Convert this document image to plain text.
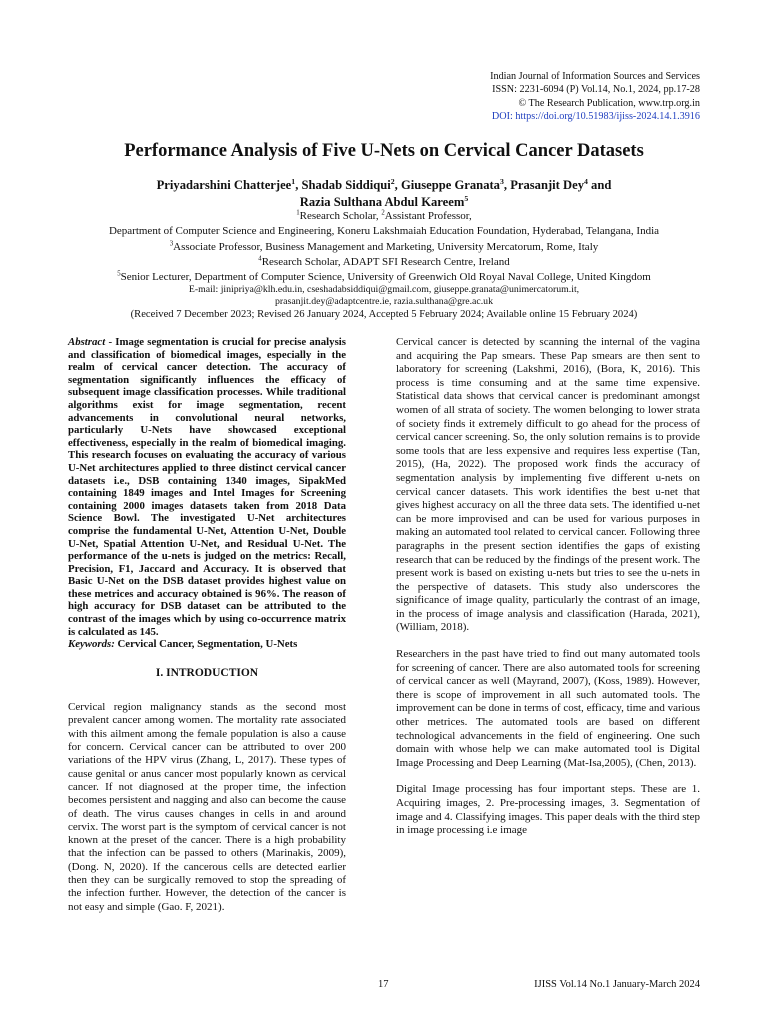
Indian Journal of Information Sources and Services
ISSN: 2231-6094 (P) Vol.14, No.1, 2024, pp.17-28
© The Research Publication, www.trp.org.in
DOI: https://doi.org/10.51983/ijiss-2024.14.1.3916
Performance Analysis of Five U-Nets on Cervical Cancer Datasets
Priyadarshini Chatterjee$^1$, Shadab Siddiqui$^2$, Giuseppe Granata$^3$, Prasanjit Dey$^4$ and
Razia Sulthana Abdul Kareem$^5$
$^1$Research Scholar, $^2$Assistant Professor,
Department of Computer Science and Engineering, Koneru Lakshmaiah Education Foundation, Hyderabad, Telangana, India
$^3$Associate Professor, Business Management and Marketing, University Mercatorum, Rome, Italy
$^4$Research Scholar, ADAPT SFI Research Centre, Ireland
$^5$Senior Lecturer, Department of Computer Science, University of Greenwich Old Royal Naval College, United Kingdom
E-mail: jinipriya@klh.edu.in, cseshadabsiddiqui@gmail.com, giuseppe.granata@unimercatorum.it,
prasanjit.dey@adaptcentre.ie, razia.sulthana@gre.ac.uk
(Received 7 December 2023; Revised 26 January 2024, Accepted 5 February 2024; Available online 15 February 2024)

Abstract - Image segmentation is crucial for precise analysis and classification of biomedical images, especially in the realm of cervical cancer detection. The accuracy of segmentation significantly influences the efficacy of subsequent image classification processes. While traditional algorithms exist for image segmentation, recent advancements in convolutional neural networks, particularly U-Nets have showcased exceptional effectiveness, especially in the realm of biomedical imaging. This research focuses on evaluating the accuracy of various U-Net architectures applied to three distinct cervical cancer datasets i.e., DSB containing 1340 images, SipakMed containing 1849 images and Intel Images for Screening containing 2000 images datasets taken from 2018 Data Science Bowl. The investigated U-Net architectures comprise the fundamental U-Net, Attention U-Net, Double U-Net, Spatial Attention U-Net, and Residual U-Net. The performance of the u-nets is judged on the metrics: Recall, Precision, F1, Jaccard and Accuracy. It is observed that Basic U-Net on the DSB dataset provides highest value on these metrices and accuracy obtained is 96%. The reason of high accuracy for DSB dataset can be attributed to the contrast of the images which by using co-occurrence matrix is calculated as 145.

Keywords: Cervical Cancer, Segmentation, U-Nets

I. INTRODUCTION

Cervical region malignancy stands as the second most prevalent cancer among women. The mortality rate associated with this ailment among the female population is also a cause for concern. Cervical cancer can be attributed to over 200 variations of the HPV virus (Zhang, L, 2017). These types of cause genital or anus cancer most popularly known as cervical cancer. If not diagnosed at the proper time, the infection becomes persistent and nagging and also can become the cause of death. The virus causes changes in cells in and around cervix. The worst part is the symptom of cervical cancer is not known at the preset of the cancer. There is a high probability that the infection can be passed to others (Marinakis, 2009), (Dong. N, 2020). If the cancerous cells are detected earlier then they can be surgically removed to stop the spreading of the infection further. However, the detection of the cancer is not easy and simple (Gao. F, 2021).

Cervical cancer is detected by scanning the internal of the vagina and acquiring the Pap smears. These Pap smears are then sent to laboratory for screening (Lakshmi, 2016), (Bora, K, 2016). This process is time consuming and at the same time expensive. Statistical data shows that cervical cancer is predominant amongst women of all strata of society. The women belonging to lower strata of society finds it extremely difficult to go ahead for the process of cervical cancer screening. So, the only solution remains is to provide some tools that are less expensive and requires less expertise (Tan, 2015), (Ha, 2022). The proposed work finds the accuracy of segmentation analysis by implementing five different u-nets on cervical cancer datasets. This work identifies the best u-net that gives highest accuracy on all the three data sets. The identified u-net can be more improvised and can be used for various purposes in making an automated tool related to cervical cancer. Following three paragraphs in the present section identifies the gaps of existing research that can be reduced by the findings of the present work. The present work is based on existing u-nets but tries to see the u-nets in the perspective of datasets. This study also underscores the significance of image quality, particularly the contrast of an image, in the process of image analysis and classification (Harada, 2021), (William, 2018).

Researchers in the past have tried to find out many automated tools for screening of cancer. There are also automated tools for screening of cervical cancer as well (Mayrand, 2007), (Koss, 1989). However, there is scope of improvement in all such automated tools. The improvement can be done in terms of cost, efficacy, time and various other metrices. The automated tools are based on different technological advancements in the field of engineering. One such domain with whose help we can make automated tool is Digital Image Processing and Deep Learning (Mat-Isa,2005), (Chen, 2013).

Digital Image processing has four important steps. These are 1. Acquiring images, 2. Pre-processing images, 3. Segmentation of image and 4. Classifying images. This paper deals with the third step in image processing i.e image

17	IJISS Vol.14 No.1 January-March 2024
